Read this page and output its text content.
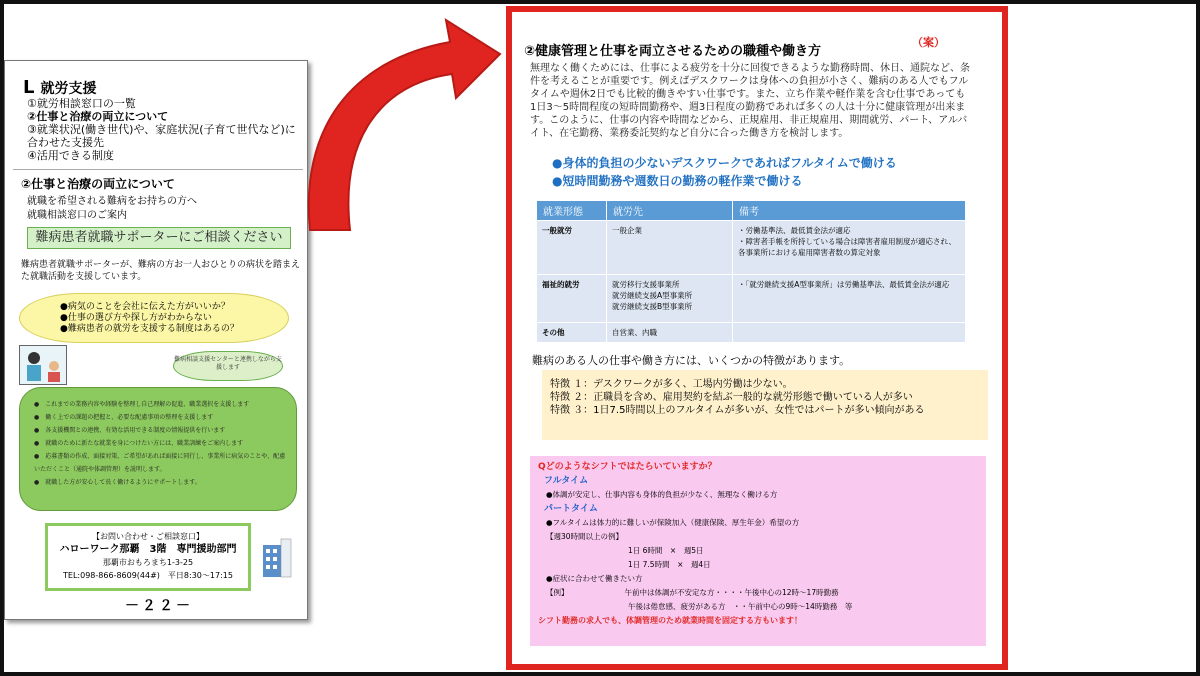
L 就労支援
①就労相談窓口の一覧
②仕事と治療の両立について
③就業状況(働き世代)や、家庭状況(子育て世代など)に合わせた支援先
④活用できる制度
②仕事と治療の両立について
就職を希望される難病をお持ちの方へ
就職相談窓口のご案内
難病患者就職サポーターにご相談ください
難病患者就職サポーターが、難病の方お一人おひとりの病状を踏まえた就職活動を支援しています。
●病気のことを会社に伝えた方がいいか？
●仕事の選び方や探し方がわからない
●難病患者の就労を支援する制度はあるの？
難病相談支援センターと連携しながら支援します
●　これまでの業務内容や経験を整理し自己理解の促進、職業選択を支援します
●　働く上での課題の把握と、必要な配慮事項の整理を支援します
●　各支援機関との連携、有効な活用できる制度の情報提供を行います
●　就職のために新たな就業を身につけたい方には、職業訓練をご案内します
●　応募書類の作成、面接対策、ご希望があれば面接に同行し、事業所に病気のことや、配慮いただくこと（通院や体調管理）を説明します。
●　就職した方が安心して長く働けるようにサポートします。
【お問い合わせ・ご相談窓口】
ハローワーク那覇　3階　専門援助部門
那覇市おもろまち1-3-25
TEL:098-866-8609(44#)　平日8:30～17:15
－２２－
②健康管理と仕事を両立させるための職種や働き方
（案）
無理なく働くためには、仕事による疲労を十分に回復できるような勤務時間、休日、通院など、条件を考えることが重要です。例えばデスクワークは身体への負担が小さく、難病のある人でもフルタイムや週休2日でも比較的働きやすい仕事です。また、立ち作業や軽作業を含む仕事であっても1日3～5時間程度の短時間勤務や、週3日程度の勤務であれば多くの人は十分に健康管理が出来ます。このように、仕事の内容や時間などから、正規雇用、非正規雇用、期間就労、パート、アルバイト、在宅勤務、業務委託契約など自分に合った働き方を検討します。
●身体的負担の少ないデスクワークであればフルタイムで働ける
●短時間勤務や週数日の勤務の軽作業で働ける
就業形態	就労先	備考
一般就労	一般企業	・労働基準法、最低賃金法が適応
・障害者手帳を所持している場合は障害者雇用制度が適応され、各事業所における雇用障害者数の算定対象
福祉的就労	就労移行支援事業所
就労継続支援A型事業所
就労継続支援B型事業所	・「就労継続支援A型事業所」は労働基準法、最低賃金法が適応
その他	自営業、内職	
難病のある人の仕事や働き方には、いくつかの特徴があります。
特徴 １：デスクワークが多く、工場内労働は少ない。
特徴 ２：正職員を含め、雇用契約を結ぶ一般的な就労形態で働いている人が多い
特徴 ３：1日7.5時間以上のフルタイムが多いが、女性ではパートが多い傾向がある
Qどのようなシフトではたらいていますか？
フルタイム
●体調が安定し、仕事内容も身体的負担が少なく、無理なく働ける方
パートタイム
●フルタイムは体力的に難しいが保険加入（健康保険、厚生年金）希望の方
【週30時間以上の例】
1日 6時間　×　週5日
1日 7.5時間　×　週4日
●症状に合わせて働きたい方
【例】	午前中は体調が不安定な方・・・・午後中心の12時～17時勤務
午後は倦怠感、疲労がある方　・・午前中心の9時～14時勤務　等
シフト勤務の求人でも、体調管理のため就業時間を固定する方もいます！
